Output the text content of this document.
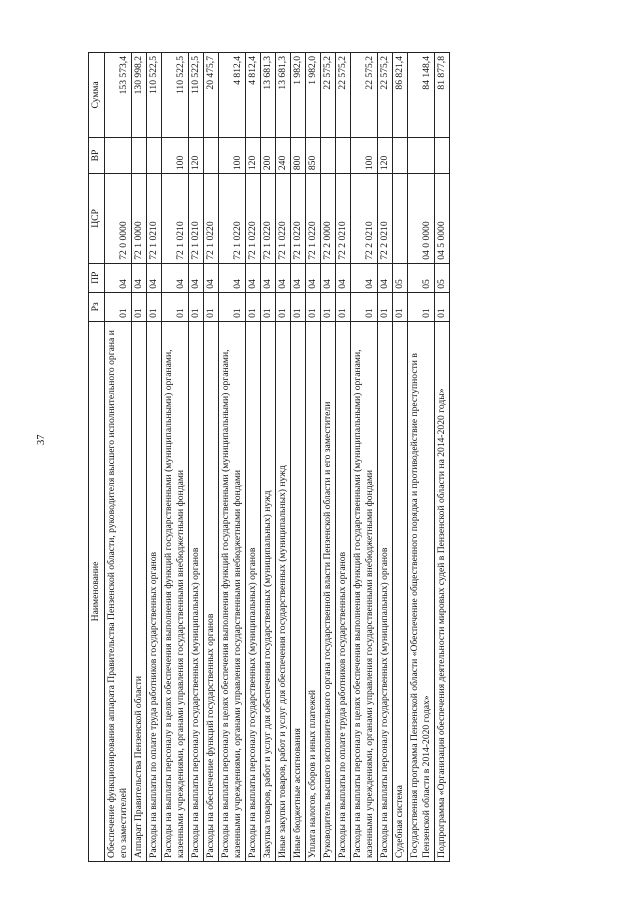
37
Наименование	Рз	ПР	ЦСР	ВР	Сумма
Обеспечение функционирования аппарата Правительства Пензенской области, руководителя высшего исполнительного органа и его заместителей	01	04	72 0 0000		153 573,4
Аппарат Правительства Пензенской области	01	04	72 1 0000		130 998,2
Расходы на выплаты по оплате труда работников государственных органов	01	04	72 1 0210		110 522,5
Расходы на выплаты персоналу в целях обеспечения выполнения функций государственными (муниципальными) органами, казенными учреждениями, органами управления государственными внебюджетными фондами	01	04	72 1 0210	100	110 522,5
Расходы на выплаты персоналу государственных (муниципальных) органов	01	04	72 1 0210	120	110 522,5
Расходы на обеспечение функций государственных органов	01	04	72 1 0220		20 475,7
Расходы на выплаты персоналу в целях обеспечения выполнения функций государственными (муниципальными) органами, казенными учреждениями, органами управления государственными внебюджетными фондами	01	04	72 1 0220	100	4 812,4
Расходы на выплаты персоналу государственных (муниципальных) органов	01	04	72 1 0220	120	4 812,4
Закупка товаров, работ и услуг для обеспечения государственных (муниципальных) нужд	01	04	72 1 0220	200	13 681,3
Иные закупки товаров, работ и услуг для обеспечения государственных (муниципальных) нужд	01	04	72 1 0220	240	13 681,3
Иные бюджетные ассигнования	01	04	72 1 0220	800	1 982,0
Уплата налогов, сборов и иных платежей	01	04	72 1 0220	850	1 982,0
Руководитель высшего исполнительного органа государственной власти Пензенской области и его заместители	01	04	72 2 0000		22 575,2
Расходы на выплаты по оплате труда работников государственных органов	01	04	72 2 0210		22 575,2
Расходы на выплаты персоналу в целях обеспечения выполнения функций государственными (муниципальными) органами, казенными учреждениями, органами управления государственными внебюджетными фондами	01	04	72 2 0210	100	22 575,2
Расходы на выплаты персоналу государственных (муниципальных) органов	01	04	72 2 0210	120	22 575,2
Судебная система	01	05			86 821,4
Государственная программа Пензенской области «Обеспечение общественного порядка и противодействие преступности в Пензенской области в 2014-2020 годах»	01	05	04 0 0000		84 148,4
Подпрограмма «Организация обеспечения деятельности мировых судей в Пензенской области на 2014-2020 годы»	01	05	04 5 0000		81 877,8
